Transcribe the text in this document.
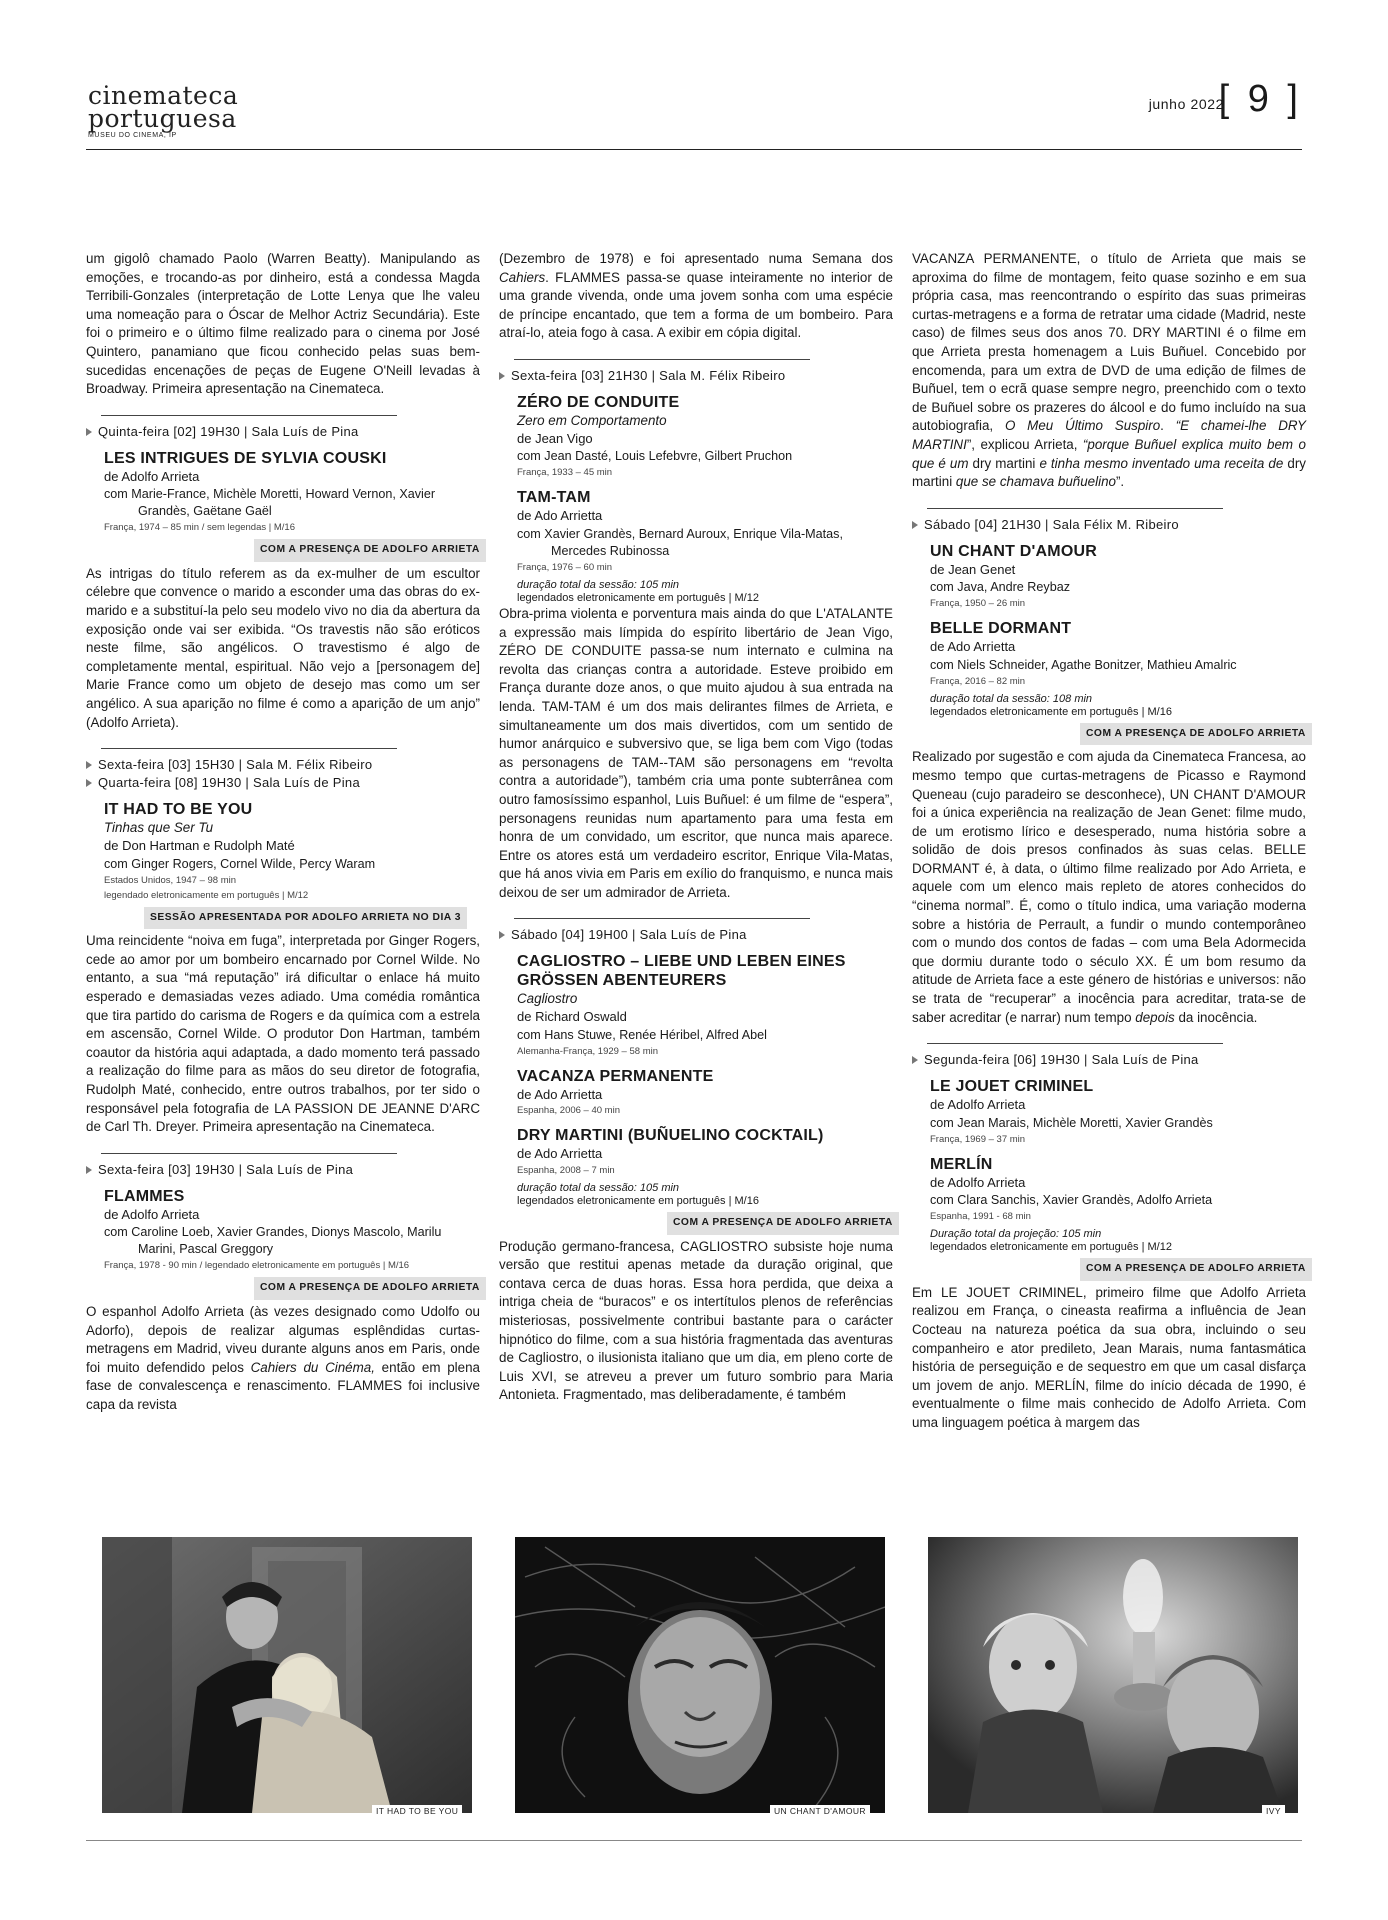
cinemateca
portuguesa
MUSEU DO CINEMA, IP
junho 2022
[ 9 ]

um gigolô chamado Paolo (Warren Beatty). Manipulando as emoções, e trocando-as por dinheiro, está a condessa Magda Terribili-Gonzales (interpretação de Lotte Lenya que lhe valeu uma nomeação para o Óscar de Melhor Actriz Secundária). Este foi o primeiro e o último filme realizado para o cinema por José Quintero, panamiano que ficou conhecido pelas suas bem-sucedidas encenações de peças de Eugene O'Neill levadas à Broadway. Primeira apresentação na Cinemateca.

Quinta-feira [02] 19H30 | Sala Luís de Pina
LES INTRIGUES DE SYLVIA COUSKI
de Adolfo Arrieta
com Marie-France, Michèle Moretti, Howard Vernon, Xavier Grandès, Gaëtane Gaël
França, 1974 – 85 min / sem legendas | M/16
COM A PRESENÇA DE ADOLFO ARRIETA

As intrigas do título referem as da ex-mulher de um escultor célebre que convence o marido a esconder uma das obras do ex-marido e a substituí-la pelo seu modelo vivo no dia da abertura da exposição onde vai ser exibida. “Os travestis não são eróticos neste filme, são angélicos. O travestismo é algo de completamente mental, espiritual. Não vejo a [personagem de] Marie France como um objeto de desejo mas como um ser angélico. A sua aparição no filme é como a aparição de um anjo” (Adolfo Arrieta).

Sexta-feira [03] 15H30 | Sala M. Félix Ribeiro
Quarta-feira [08] 19H30 | Sala Luís de Pina
IT HAD TO BE YOU
Tinhas que Ser Tu
de Don Hartman e Rudolph Maté
com Ginger Rogers, Cornel Wilde, Percy Waram
Estados Unidos, 1947 – 98 min
legendado eletronicamente em português | M/12
SESSÃO APRESENTADA POR ADOLFO ARRIETA NO DIA 3

Uma reincidente “noiva em fuga”, interpretada por Ginger Rogers, cede ao amor por um bombeiro encarnado por Cornel Wilde. No entanto, a sua “má reputação” irá dificultar o enlace há muito esperado e demasiadas vezes adiado. Uma comédia romântica que tira partido do carisma de Rogers e da química com a estrela em ascensão, Cornel Wilde. O produtor Don Hartman, também coautor da história aqui adaptada, a dado momento terá passado a realização do filme para as mãos do seu diretor de fotografia, Rudolph Maté, conhecido, entre outros trabalhos, por ter sido o responsável pela fotografia de LA PASSION DE JEANNE D'ARC de Carl Th. Dreyer. Primeira apresentação na Cinemateca.

Sexta-feira [03] 19H30 | Sala Luís de Pina
FLAMMES
de Adolfo Arrieta
com Caroline Loeb, Xavier Grandes, Dionys Mascolo, Marilu Marini, Pascal Greggory
França, 1978 - 90 min / legendado eletronicamente em português | M/16
COM A PRESENÇA DE ADOLFO ARRIETA

O espanhol Adolfo Arrieta (às vezes designado como Udolfo ou Adorfo), depois de realizar algumas esplêndidas curtas-metragens em Madrid, viveu durante alguns anos em Paris, onde foi muito defendido pelos Cahiers du Cinéma, então em plena fase de convalescença e renascimento. FLAMMES foi inclusive capa da revista

(Dezembro de 1978) e foi apresentado numa Semana dos Cahiers. FLAMMES passa-se quase inteiramente no interior de uma grande vivenda, onde uma jovem sonha com uma espécie de príncipe encantado, que tem a forma de um bombeiro. Para atraí-lo, ateia fogo à casa. A exibir em cópia digital.

Sexta-feira [03] 21H30 | Sala M. Félix Ribeiro
ZÉRO DE CONDUITE
Zero em Comportamento
de Jean Vigo
com Jean Dasté, Louis Lefebvre, Gilbert Pruchon
França, 1933 – 45 min
TAM-TAM
de Ado Arrietta
com Xavier Grandès, Bernard Auroux, Enrique Vila-Matas, Mercedes Rubinossa
França, 1976 – 60 min
duração total da sessão: 105 min
legendados eletronicamente em português | M/12

Obra-prima violenta e porventura mais ainda do que L'ATALANTE a expressão mais límpida do espírito libertário de Jean Vigo, ZÉRO DE CONDUITE passa-se num internato e culmina na revolta das crianças contra a autoridade. Esteve proibido em França durante doze anos, o que muito ajudou à sua entrada na lenda. TAM-TAM é um dos mais delirantes filmes de Arrieta, e simultaneamente um dos mais divertidos, com um sentido de humor anárquico e subversivo que, se liga bem com Vigo (todas as personagens de TAM--TAM são personagens em “revolta contra a autoridade”), também cria uma ponte subterrânea com outro famosíssimo espanhol, Luis Buñuel: é um filme de “espera”, personagens reunidas num apartamento para uma festa em honra de um convidado, um escritor, que nunca mais aparece. Entre os atores está um verdadeiro escritor, Enrique Vila-Matas, que há anos vivia em Paris em exílio do franquismo, e nunca mais deixou de ser um admirador de Arrieta.

Sábado [04] 19H00 | Sala Luís de Pina
CAGLIOSTRO – LIEBE UND LEBEN EINES GRÖSSEN ABENTEURERS
Cagliostro
de Richard Oswald
com Hans Stuwe, Renée Héribel, Alfred Abel
Alemanha-França, 1929 – 58 min
VACANZA PERMANENTE
de Ado Arrietta
Espanha, 2006 – 40 min
DRY MARTINI (BUÑUELINO COCKTAIL)
de Ado Arrietta
Espanha, 2008 – 7 min
duração total da sessão: 105 min
legendados eletronicamente em português | M/16
COM A PRESENÇA DE ADOLFO ARRIETA

Produção germano-francesa, CAGLIOSTRO subsiste hoje numa versão que restitui apenas metade da duração original, que contava cerca de duas horas. Essa hora perdida, que deixa a intriga cheia de “buracos” e os intertítulos plenos de referências misteriosas, possivelmente contribui bastante para o carácter hipnótico do filme, com a sua história fragmentada das aventuras de Cagliostro, o ilusionista italiano que um dia, em pleno corte de Luis XVI, se atreveu a prever um futuro sombrio para Maria Antonieta. Fragmentado, mas deliberadamente, é também

VACANZA PERMANENTE, o título de Arrieta que mais se aproxima do filme de montagem, feito quase sozinho e em sua própria casa, mas reencontrando o espírito das suas primeiras curtas-metragens e a forma de retratar uma cidade (Madrid, neste caso) de filmes seus dos anos 70. DRY MARTINI é o filme em que Arrieta presta homenagem a Luis Buñuel. Concebido por encomenda, para um extra de DVD de uma edição de filmes de Buñuel, tem o ecrã quase sempre negro, preenchido com o texto de Buñuel sobre os prazeres do álcool e do fumo incluído na sua autobiografia, O Meu Último Suspiro. “E chamei-lhe DRY MARTINI”, explicou Arrieta, “porque Buñuel explica muito bem o que é um dry martini e tinha mesmo inventado uma receita de dry martini que se chamava buñuelino”.

Sábado [04] 21H30 | Sala Félix M. Ribeiro
UN CHANT D'AMOUR
de Jean Genet
com Java, Andre Reybaz
França, 1950 – 26 min
BELLE DORMANT
de Ado Arrietta
com Niels Schneider, Agathe Bonitzer, Mathieu Amalric
França, 2016 – 82 min
duração total da sessão: 108 min
legendados eletronicamente em português | M/16
COM A PRESENÇA DE ADOLFO ARRIETA

Realizado por sugestão e com ajuda da Cinemateca Francesa, ao mesmo tempo que curtas-metragens de Picasso e Raymond Queneau (cujo paradeiro se desconhece), UN CHANT D'AMOUR foi a única experiência na realização de Jean Genet: filme mudo, de um erotismo lírico e desesperado, numa história sobre a solidão de dois presos confinados às suas celas. BELLE DORMANT é, à data, o último filme realizado por Ado Arrieta, e aquele com um elenco mais repleto de atores conhecidos do “cinema normal”. É, como o título indica, uma variação moderna sobre a história de Perrault, a fundir o mundo contemporâneo com o mundo dos contos de fadas – com uma Bela Adormecida que dormiu durante todo o século XX. É um bom resumo da atitude de Arrieta face a este género de histórias e universos: não se trata de “recuperar” a inocência para acreditar, trata-se de saber acreditar (e narrar) num tempo depois da inocência.

Segunda-feira [06] 19H30 | Sala Luís de Pina
LE JOUET CRIMINEL
de Adolfo Arrieta
com Jean Marais, Michèle Moretti, Xavier Grandès
França, 1969 – 37 min
MERLÍN
de Adolfo Arrieta
com Clara Sanchis, Xavier Grandès, Adolfo Arrieta
Espanha, 1991 - 68 min
Duração total da projeção: 105 min
legendados eletronicamente em português | M/12
COM A PRESENÇA DE ADOLFO ARRIETA

Em LE JOUET CRIMINEL, primeiro filme que Adolfo Arrieta realizou em França, o cineasta reafirma a influência de Jean Cocteau na natureza poética da sua obra, incluindo o seu companheiro e ator predileto, Jean Marais, numa fantasmática história de perseguição e de sequestro em que um casal disfarça um jovem de anjo. MERLÍN, filme do início década de 1990, é eventualmente o filme mais conhecido de Adolfo Arrieta. Com uma linguagem poética à margem das

IT HAD TO BE YOU	UN CHANT D'AMOUR	IVY
